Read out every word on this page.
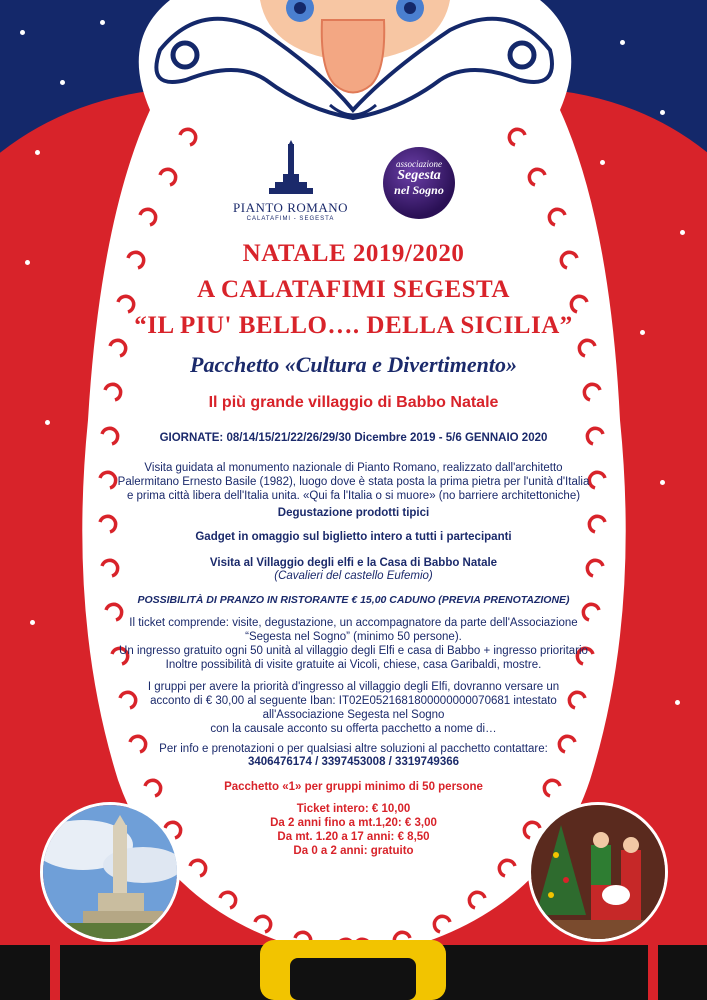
PIANTO ROMANO
CALATAFIMI - SEGESTA
associazione
Segesta
nel Sogno
NATALE 2019/2020
A CALATAFIMI SEGESTA
“IL PIU' BELLO…. DELLA SICILIA”
Pacchetto «Cultura e Divertimento»
Il più grande villaggio di Babbo Natale
GIORNATE: 08/14/15/21/22/26/29/30 Dicembre 2019 - 5/6 GENNAIO 2020
Visita guidata al monumento nazionale di Pianto Romano, realizzato dall'architetto
Palermitano Ernesto Basile (1982), luogo dove è stata posta la prima pietra per l'unità d'Italia
e prima città libera dell'Italia unita. «Qui fa l'Italia o si muore» (no barriere architettoniche)
Degustazione prodotti tipici
Gadget in omaggio sul biglietto intero a tutti i partecipanti
Visita al Villaggio degli elfi e la Casa di Babbo Natale
(Cavalieri del castello Eufemio)
POSSIBILITÀ DI PRANZO IN RISTORANTE € 15,00 CADUNO (PREVIA PRENOTAZIONE)
Il ticket comprende: visite, degustazione, un accompagnatore da parte dell'Associazione
“Segesta nel Sogno” (minimo 50 persone).
Un ingresso gratuito ogni 50 unità al villaggio degli Elfi e casa di Babbo + ingresso prioritario
Inoltre possibilità di visite gratuite ai Vicoli, chiese, casa Garibaldi, mostre.
I gruppi per avere la priorità d'ingresso al villaggio degli Elfi, dovranno versare un
acconto di € 30,00 al seguente Iban: IT02E0521681800000000070681 intestato
all'Associazione Segesta nel Sogno
con la causale acconto su offerta pacchetto a nome di…
Per info e prenotazioni o per qualsiasi altre soluzioni al pacchetto contattare:
3406476174 / 3397453008 / 3319749366
Pacchetto «1» per gruppi minimo di 50 persone
Ticket intero: € 10,00
Da 2 anni fino a mt.1,20: € 3,00
Da mt. 1.20 a 17 anni: € 8,50
Da 0 a 2 anni: gratuito
